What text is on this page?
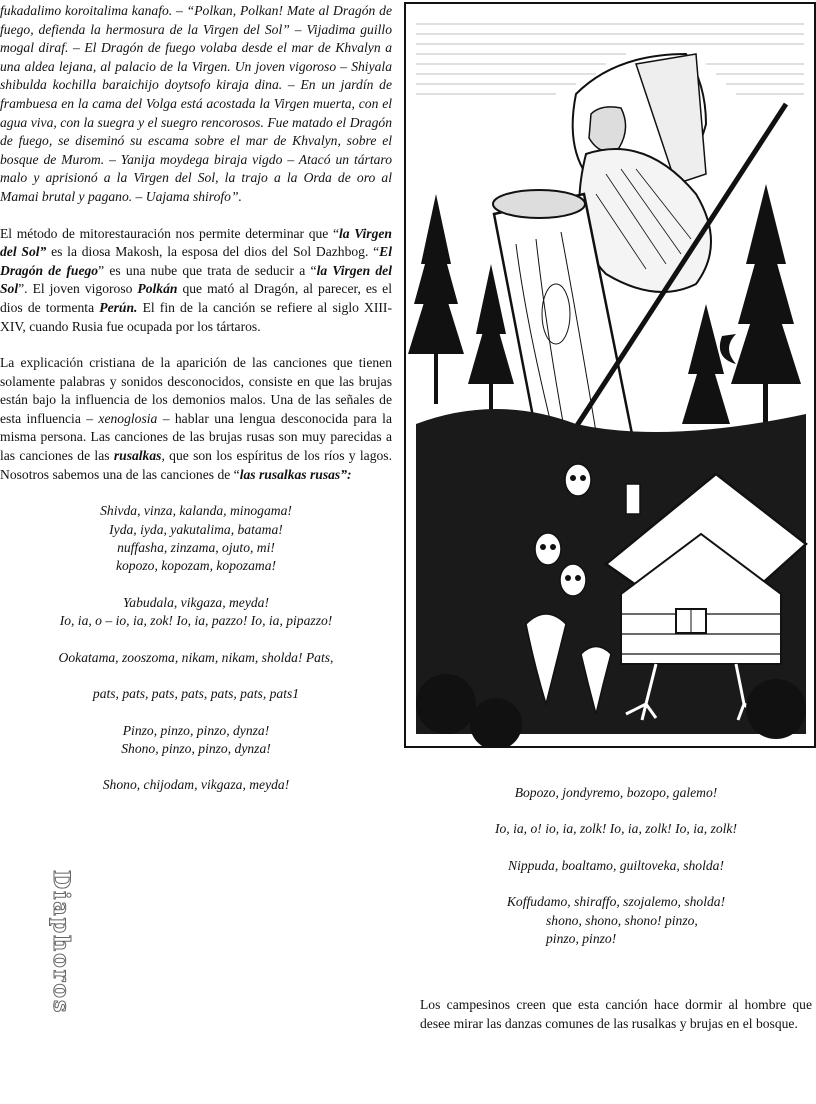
fukadalimo koroitalima kanafo. – “Polkan, Polkan! Mate al Dragón de fuego, defienda la hermosura de la Virgen del Sol” – Vijadima guillo mogal diraf. – El Dragón de fuego volaba desde el mar de Khvalyn a una aldea lejana, al palacio de la Virgen. Un joven vigoroso – Shiyala shibulda kochilla baraichijo doytsofo kiraja dina. – En un jardín de frambuesa en la cama del Volga está acostada la Virgen muerta, con el agua viva, con la suegra y el suegro rencorosos. Fue matado el Dragón de fuego, se diseminó su escama sobre el mar de Khvalyn, sobre el bosque de Murom. – Yanija moydega biraja vigdo – Atacó un tártaro malo y aprisionó a la Virgen del Sol, la trajo a la Orda de oro al Mamai brutal y pagano. – Uajama shirofo”.

El método de mitorestauración nos permite determinar que “la Virgen del Sol” es la diosa Makosh, la esposa del dios del Sol Dazhbog. “El Dragón de fuego” es una nube que trata de seducir a “la Virgen del Sol”. El joven vigoroso Polkán que mató al Dragón, al parecer, es el dios de tormenta Perún. El fin de la canción se refiere al siglo XIII-XIV, cuando Rusia fue ocupada por los tártaros.

La explicación cristiana de la aparición de las canciones que tienen solamente palabras y sonidos desconocidos, consiste en que las brujas están bajo la influencia de los demonios malos. Una de las señales de esta influencia – xenoglosia – hablar una lengua desconocida para la misma persona. Las canciones de las brujas rusas son muy parecidas a las canciones de las rusalkas, que son los espíritus de los ríos y lagos. Nosotros sabemos una de las canciones de “las rusalkas rusas”:

Shivda, vinza, kalanda, minogama!
Iyda, iyda, yakutalima, batama!
nuffasha, zinzama, ojuto, mi!
kopozo, kopozam, kopozama!
Yabudala, vikgaza, meyda!
Io, ia, o – io, ia, zok! Io, ia, pazzo! Io, ia, pipazzo!
Ookatama, zooszoma, nikam, nikam, sholda! Pats,
pats, pats, pats, pats, pats, pats, pats1
Pinzo, pinzo, pinzo, dynza!
Shono, pinzo, pinzo, dynza!
Shono, chijodam, vikgaza, meyda!
Diaphoros
Bopozo, jondyremo, bozopo, galemo!
Io, ia, o! io, ia, zolk! Io, ia, zolk! Io, ia, zolk!
Nippuda, boaltamo, guiltoveka, sholda!
Koffudamo, shiraffo, szojalemo, sholda!
shono, shono, shono! pinzo,
pinzo, pinzo!

Los campesinos creen que esta canción hace dormir al hombre que desee mirar las danzas comunes de las rusalkas y brujas en el bosque.
